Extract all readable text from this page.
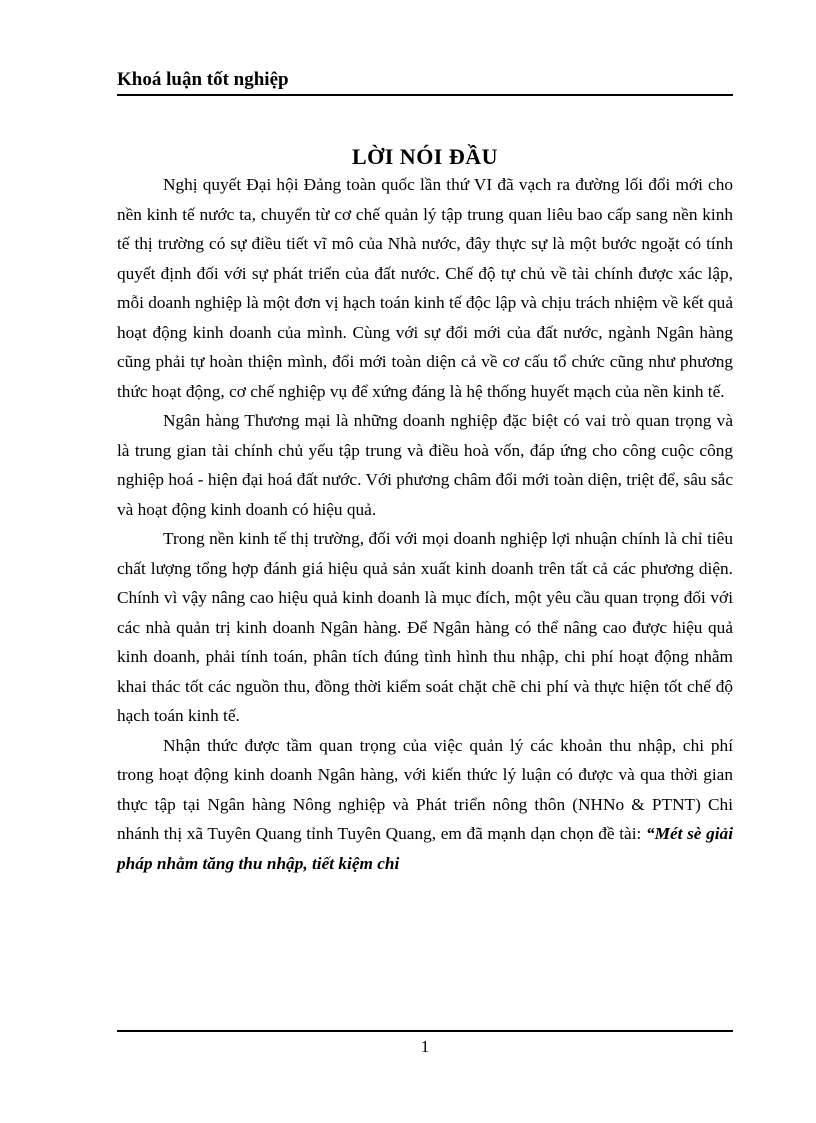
Khoá luận tốt nghiệp
LỜI NÓI ĐẦU

Nghị quyết Đại hội Đảng toàn quốc lần thứ VI đã vạch ra đường lối đổi mới cho nền kinh tế nước ta, chuyển từ cơ chế quản lý tập trung quan liêu bao cấp sang nền kinh tế thị trường có sự điều tiết vĩ mô của Nhà nước, đây thực sự là một bước ngoặt có tính quyết định đối với sự phát triển của đất nước. Chế độ tự chủ về tài chính được xác lập, mỗi doanh nghiệp là một đơn vị hạch toán kinh tế độc lập và chịu trách nhiệm về kết quả hoạt động kinh doanh của mình. Cùng với sự đổi mới của đất nước, ngành Ngân hàng cũng phải tự hoàn thiện mình, đổi mới toàn diện cả về cơ cấu tổ chức cũng như phương thức hoạt động, cơ chế nghiệp vụ để xứng đáng là hệ thống huyết mạch của nền kinh tế.

Ngân hàng Thương mại là những doanh nghiệp đặc biệt có vai trò quan trọng và là trung gian tài chính chủ yếu tập trung và điều hoà vốn, đáp ứng cho công cuộc công nghiệp hoá - hiện đại hoá đất nước. Với phương châm đổi mới toàn diện, triệt để, sâu sắc và hoạt động kinh doanh có hiệu quả.

Trong nền kinh tế thị trường, đối với mọi doanh nghiệp lợi nhuận chính là chỉ tiêu chất lượng tổng hợp đánh giá hiệu quả sản xuất kinh doanh trên tất cả các phương diện. Chính vì vậy nâng cao hiệu quả kinh doanh là mục đích, một yêu cầu quan trọng đối với các nhà quản trị kinh doanh Ngân hàng. Để Ngân hàng có thể nâng cao được hiệu quả kinh doanh, phải tính toán, phân tích đúng tình hình thu nhập, chi phí hoạt động nhằm khai thác tốt các nguồn thu, đồng thời kiểm soát chặt chẽ chi phí và thực hiện tốt chế độ hạch toán kinh tế.

Nhận thức được tầm quan trọng của việc quản lý các khoản thu nhập, chi phí trong hoạt động kinh doanh Ngân hàng, với kiến thức lý luận có được và qua thời gian thực tập tại Ngân hàng Nông nghiệp và Phát triển nông thôn (NHNo & PTNT) Chi nhánh thị xã Tuyên Quang tỉnh Tuyên Quang, em đã mạnh dạn chọn đề tài: “Mét sè giải pháp nhằm tăng thu nhập, tiết kiệm chi

1
